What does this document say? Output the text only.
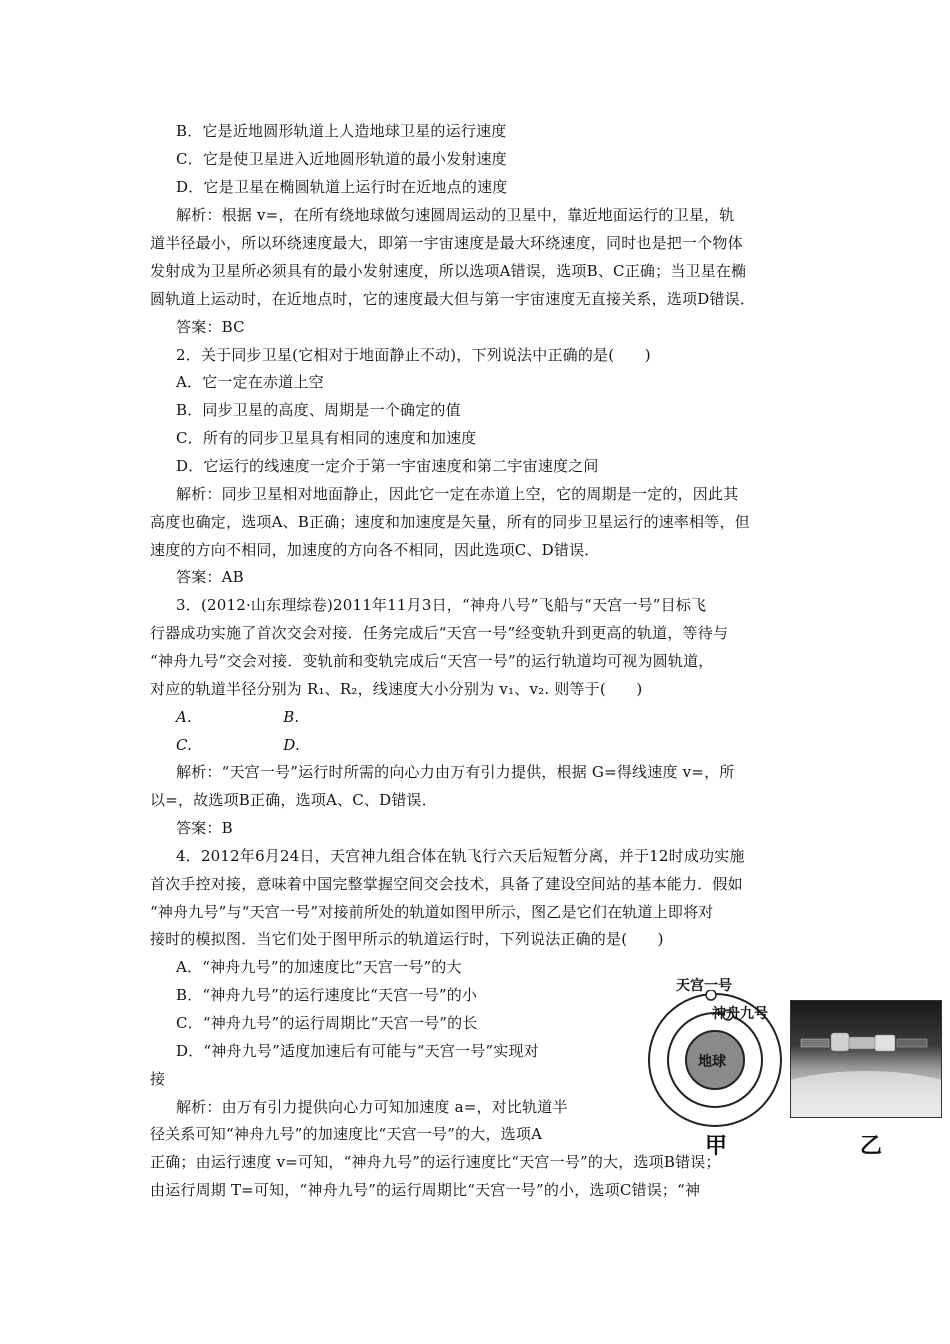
B．它是近地圆形轨道上人造地球卫星的运行速度
C．它是使卫星进入近地圆形轨道的最小发射速度
D．它是卫星在椭圆轨道上运行时在近地点的速度
解析：根据 v=，在所有绕地球做匀速圆周运动的卫星中，靠近地面运行的卫星，轨
道半径最小，所以环绕速度最大，即第一宇宙速度是最大环绕速度，同时也是把一个物体
发射成为卫星所必须具有的最小发射速度，所以选项A错误，选项B、C正确；当卫星在椭
圆轨道上运动时，在近地点时，它的速度最大但与第一宇宙速度无直接关系，选项D错误．
答案：BC
2．关于同步卫星(它相对于地面静止不动)，下列说法中正确的是(　　)
A．它一定在赤道上空
B．同步卫星的高度、周期是一个确定的值
C．所有的同步卫星具有相同的速度和加速度
D．它运行的线速度一定介于第一宇宙速度和第二宇宙速度之间
解析：同步卫星相对地面静止，因此它一定在赤道上空，它的周期是一定的，因此其
高度也确定，选项A、B正确；速度和加速度是矢量，所有的同步卫星运行的速率相等，但
速度的方向不相同，加速度的方向各不相同，因此选项C、D错误．
答案：AB
3．(2012·山东理综卷)2011年11月3日，“神舟八号”飞船与“天宫一号”目标飞
行器成功实施了首次交会对接．任务完成后“天宫一号”经变轨升到更高的轨道，等待与
“神舟九号”交会对接．变轨前和变轨完成后“天宫一号”的运行轨道均可视为圆轨道，
对应的轨道半径分别为 R₁、R₂，线速度大小分别为 v₁、v₂. 则等于(　　)
A.　　　　　　B.
C.　　　　　　D.
解析：“天宫一号”运行时所需的向心力由万有引力提供，根据 G=得线速度 v=，所
以=，故选项B正确，选项A、C、D错误．
答案：B
4．2012年6月24日，天宫神九组合体在轨飞行六天后短暂分离，并于12时成功实施
首次手控对接，意味着中国完整掌握空间交会技术，具备了建设空间站的基本能力．假如
“神舟九号”与“天宫一号”对接前所处的轨道如图甲所示，图乙是它们在轨道上即将对
接时的模拟图．当它们处于图甲所示的轨道运行时，下列说法正确的是(　　)
A．“神舟九号”的加速度比“天宫一号”的大
B．“神舟九号”的运行速度比“天宫一号”的小
C．“神舟九号”的运行周期比“天宫一号”的长
D．“神舟九号”适度加速后有可能与“天宫一号”实现对
接
解析：由万有引力提供向心力可知加速度 a=，对比轨道半
径关系可知“神舟九号”的加速度比“天宫一号”的大，选项A
正确；由运行速度 v=可知，“神舟九号”的运行速度比“天宫一号”的大，选项B错误；
由运行周期 T=可知，“神舟九号”的运行周期比“天宫一号”的小，选项C错误；“神
天宫一号
神舟九号
地球
甲	乙
